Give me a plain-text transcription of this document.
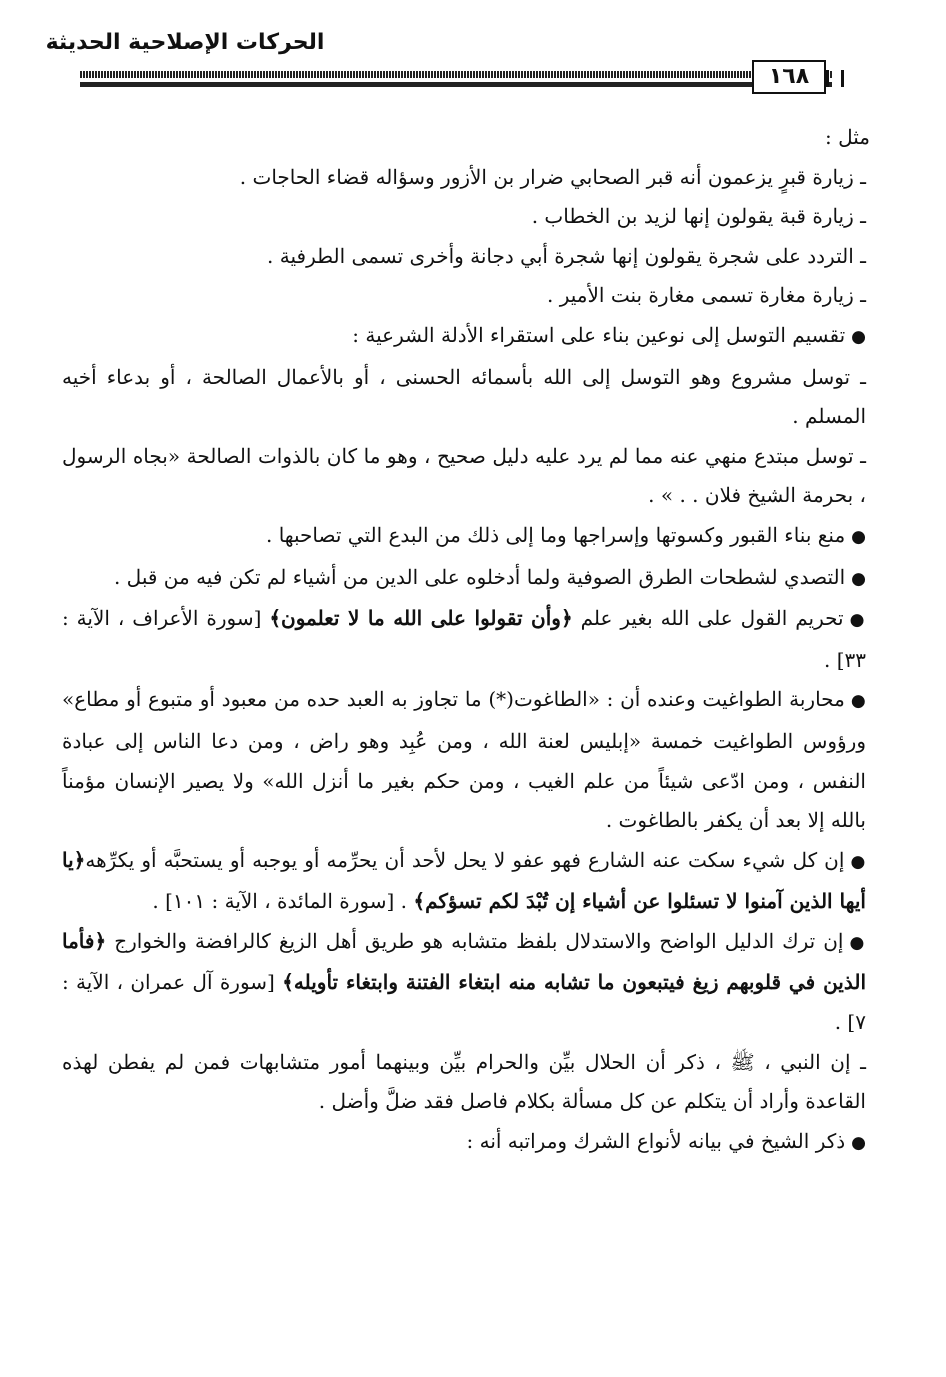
الحركات الإصلاحية الحديثة
١٦٨

مثل :

ـ زيارة قبرٍ يزعمون أنه قبر الصحابي ضرار بن الأزور وسؤاله قضاء الحاجات .

ـ زيارة قبة يقولون إنها لزيد بن الخطاب .

ـ التردد على شجرة يقولون إنها شجرة أبي دجانة وأخرى تسمى الطرفية .

ـ زيارة مغارة تسمى مغارة بنت الأمير .

● تقسيم التوسل إلى نوعين بناء على استقراء الأدلة الشرعية :

ـ توسل مشروع وهو التوسل إلى الله بأسمائه الحسنى ، أو بالأعمال الصالحة ، أو بدعاء أخيه المسلم .

ـ توسل مبتدع منهي عنه مما لم يرد عليه دليل صحيح ، وهو ما كان بالذوات الصالحة «بجاه الرسول ، بحرمة الشيخ فلان . . » .

● منع بناء القبور وكسوتها وإسراجها وما إلى ذلك من البدع التي تصاحبها .

● التصدي لشطحات الطرق الصوفية ولما أدخلوه على الدين من أشياء لم تكن فيه من قبل .

● تحريم القول على الله بغير علم ﴿وأن تقولوا على الله ما لا تعلمون﴾ [سورة الأعراف ، الآية : ٣٣] .

● محاربة الطواغيت وعنده أن : «الطاغوت(*) ما تجاوز به العبد حده من معبود أو متبوع أو مطاع» ورؤوس الطواغيت خمسة «إبليس لعنة الله ، ومن عُبِد وهو راض ، ومن دعا الناس إلى عبادة النفس ، ومن ادّعى شيئاً من علم الغيب ، ومن حكم بغير ما أنزل الله» ولا يصير الإنسان مؤمناً بالله إلا بعد أن يكفر بالطاغوت .

● إن كل شيء سكت عنه الشارع فهو عفو لا يحل لأحد أن يحرِّمه أو يوجبه أو يستحبَّه أو يكرِّهه﴿يا أيها الذين آمنوا لا تسئلوا عن أشياء إن تُبْدَ لكم تسؤكم﴾ . [سورة المائدة ، الآية : ١٠١] .

● إن ترك الدليل الواضح والاستدلال بلفظ متشابه هو طريق أهل الزيغ كالرافضة والخوارج ﴿فأما الذين في قلوبهم زيغ فيتبعون ما تشابه منه ابتغاء الفتنة وابتغاء تأويله﴾ [سورة آل عمران ، الآية : ٧] .

ـ إن النبي ، ﷺ ، ذكر أن الحلال بيِّن والحرام بيِّن وبينهما أمور متشابهات فمن لم يفطن لهذه القاعدة وأراد أن يتكلم عن كل مسألة بكلام فاصل فقد ضلَّ وأضل .

● ذكر الشيخ في بيانه لأنواع الشرك ومراتبه أنه :
